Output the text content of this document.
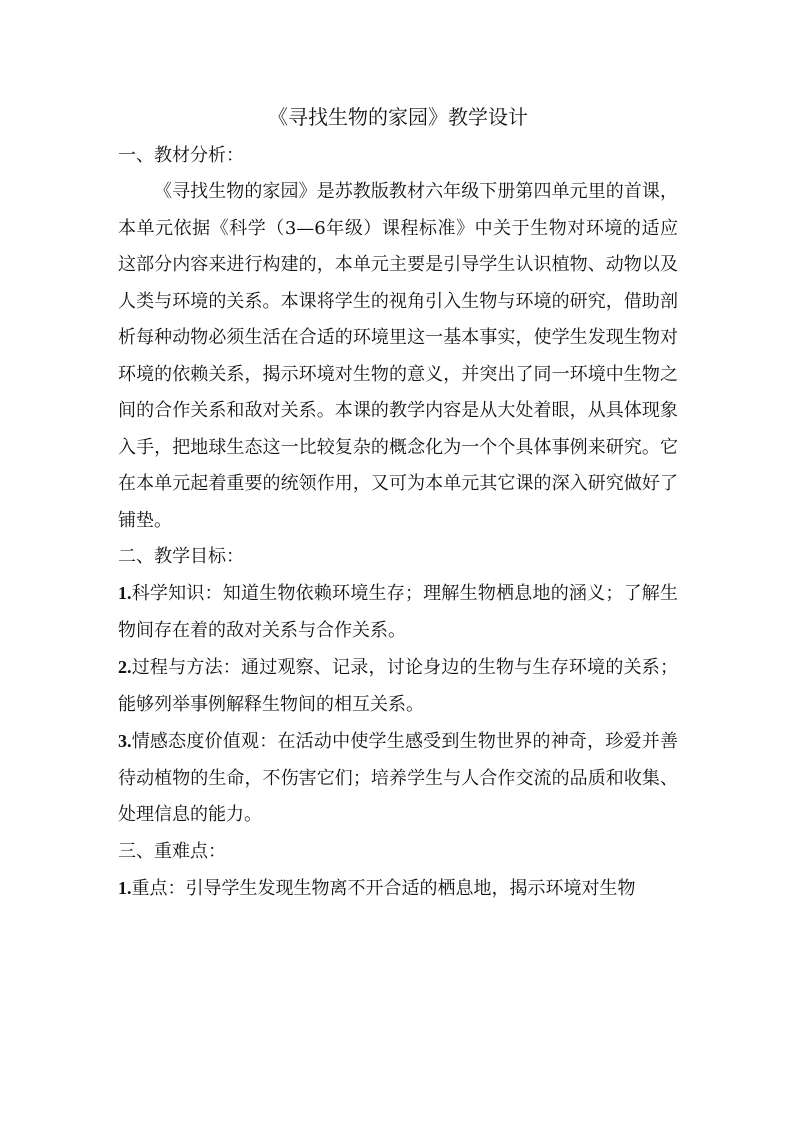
《寻找生物的家园》教学设计

一、教材分析：

《寻找生物的家园》是苏教版教材六年级下册第四单元里的首课，本单元依据《科学（3—6年级）课程标准》中关于生物对环境的适应这部分内容来进行构建的，本单元主要是引导学生认识植物、动物以及人类与环境的关系。本课将学生的视角引入生物与环境的研究，借助剖析每种动物必须生活在合适的环境里这一基本事实，使学生发现生物对环境的依赖关系，揭示环境对生物的意义，并突出了同一环境中生物之间的合作关系和敌对关系。本课的教学内容是从大处着眼，从具体现象入手，把地球生态这一比较复杂的概念化为一个个具体事例来研究。它在本单元起着重要的统领作用，又可为本单元其它课的深入研究做好了铺垫。

二、教学目标：

1.科学知识：知道生物依赖环境生存；理解生物栖息地的涵义；了解生物间存在着的敌对关系与合作关系。

2.过程与方法：通过观察、记录，讨论身边的生物与生存环境的关系；能够列举事例解释生物间的相互关系。

3.情感态度价值观：在活动中使学生感受到生物世界的神奇，珍爱并善待动植物的生命，不伤害它们；培养学生与人合作交流的品质和收集、处理信息的能力。

三、重难点：

1.重点：引导学生发现生物离不开合适的栖息地，揭示环境对生物
